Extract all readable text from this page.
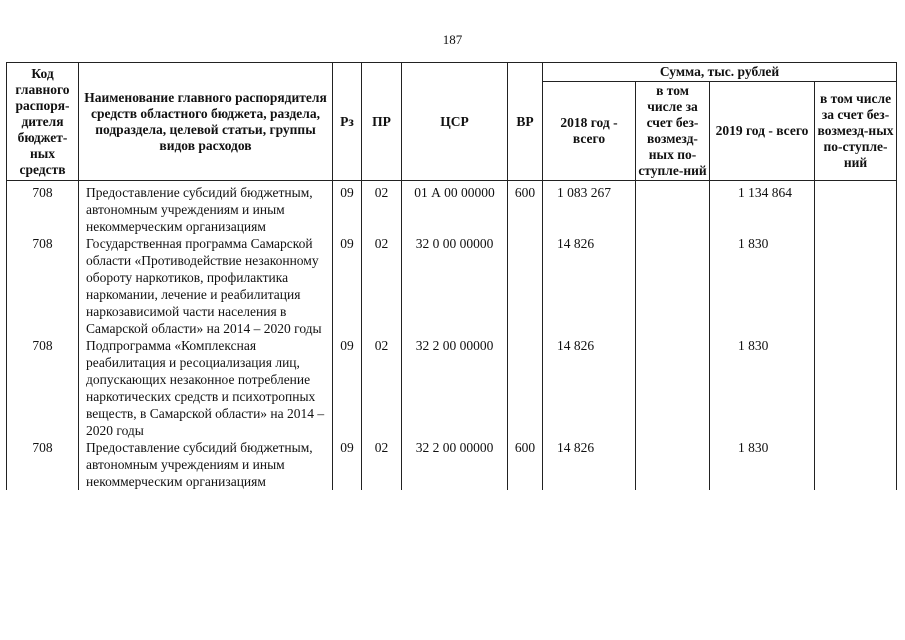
187
Код главного распоря-дителя бюджет-ных средств	Наименование главного распорядителя средств областного бюджета, раздела, подраздела, целевой статьи, группы видов расходов	Рз	ПР	ЦСР	ВР	Сумма, тыс. рублей			
						2018 год - всего	в том числе за счет без-возмезд-ных по-ступле-ний	2019 год - всего	в том числе за счет без-возмезд-ных по-ступле-ний
708	Предоставление субсидий бюджетным, автономным учреждениям и иным некоммерческим организациям	09	02	01 А 00 00000	600	1 083 267		1 134 864	
708	Государственная программа Самарской области «Противодействие незаконному обороту наркотиков, профилактика наркомании, лечение и реабилитация наркозависимой части населения в Самарской области» на 2014 – 2020 годы	09	02	32 0 00 00000		14 826		1 830	
708	Подпрограмма «Комплексная реабилитация и ресоциализация лиц, допускающих незаконное потребление наркотических средств и психотропных веществ, в Самарской области» на 2014 – 2020 годы	09	02	32 2 00 00000		14 826		1 830	
708	Предоставление субсидий бюджетным, автономным учреждениям и иным некоммерческим организациям	09	02	32 2 00 00000	600	14 826		1 830	
